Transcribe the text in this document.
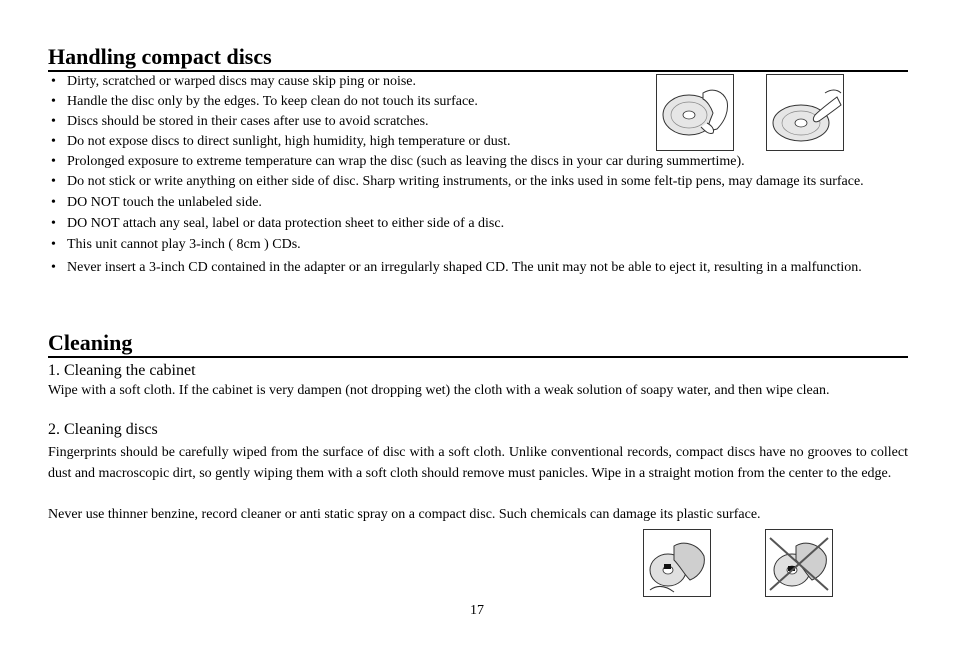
Handling compact discs
• Dirty, scratched or warped discs may cause skip ping or noise.
• Handle the disc only by the edges. To keep clean do not touch its surface.
• Discs should be stored in their cases after use to avoid scratches.
• Do not expose discs to direct sunlight, high humidity, high temperature or dust.
• Prolonged exposure to extreme temperature can wrap the disc (such as leaving the discs in your car during summertime).
• Do not stick or write anything on either side of disc. Sharp writing instruments, or the inks used in some felt-tip pens, may damage its surface.
• DO NOT touch the unlabeled side.
• DO NOT attach any seal, label or data protection sheet to either side of a disc.
• This unit cannot play 3-inch ( 8cm ) CDs.
• Never insert a 3-inch CD contained in the adapter or an irregularly shaped CD. The unit may not be able to eject it, resulting in a malfunction.
Cleaning
1. Cleaning the cabinet
Wipe with a soft cloth. If the cabinet is very dampen (not dropping wet) the cloth with a weak solution of soapy water, and then wipe clean.
2. Cleaning discs
Fingerprints should be carefully wiped from the surface of disc with a soft cloth. Unlike conventional records, compact discs have no grooves to collect dust and macroscopic dirt, so gently wiping them with a soft cloth should remove must panicles. Wipe in a straight motion from the center to the edge.
Never use thinner benzine, record cleaner or anti static spray on a compact disc. Such chemicals can damage its plastic surface.
17
